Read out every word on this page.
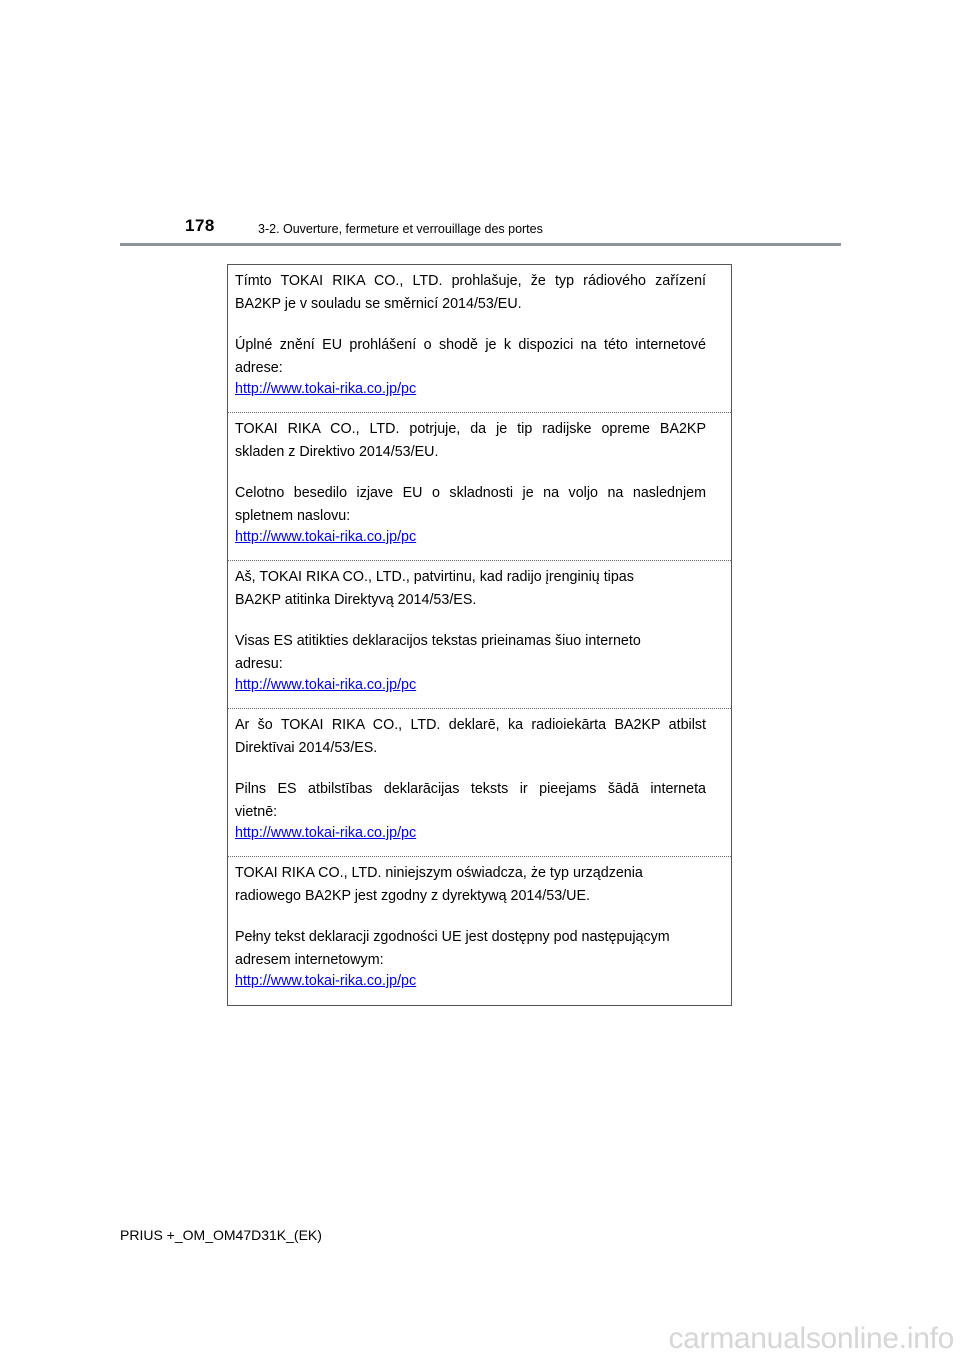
178	3-2. Ouverture, fermeture et verrouillage des portes

Tímto TOKAI RIKA CO., LTD. prohlašuje, že typ rádiového zařízení

BA2KP je v souladu se směrnicí 2014/53/EU.

Úplné znění EU prohlášení o shodě je k dispozici na této internetové

adrese:

http://www.tokai-rika.co.jp/pc

TOKAI RIKA CO., LTD. potrjuje, da je tip radijske opreme BA2KP

skladen z Direktivo 2014/53/EU.

Celotno besedilo izjave EU o skladnosti je na voljo na naslednjem

spletnem naslovu:

http://www.tokai-rika.co.jp/pc

Aš, TOKAI RIKA CO., LTD., patvirtinu, kad radijo įrenginių tipas

BA2KP atitinka Direktyvą 2014/53/ES.

Visas ES atitikties deklaracijos tekstas prieinamas šiuo interneto

adresu:

http://www.tokai-rika.co.jp/pc

Ar šo TOKAI RIKA CO., LTD. deklarē, ka radioiekārta BA2KP atbilst

Direktīvai 2014/53/ES.

Pilns ES atbilstības deklarācijas teksts ir pieejams šādā interneta

vietnē:

http://www.tokai-rika.co.jp/pc

TOKAI RIKA CO., LTD. niniejszym oświadcza, że typ urządzenia

radiowego BA2KP jest zgodny z dyrektywą 2014/53/UE.

Pełny tekst deklaracji zgodności UE jest dostępny pod następującym

adresem internetowym:

http://www.tokai-rika.co.jp/pc
PRIUS +_OM_OM47D31K_(EK)
carmanualsonline.info
